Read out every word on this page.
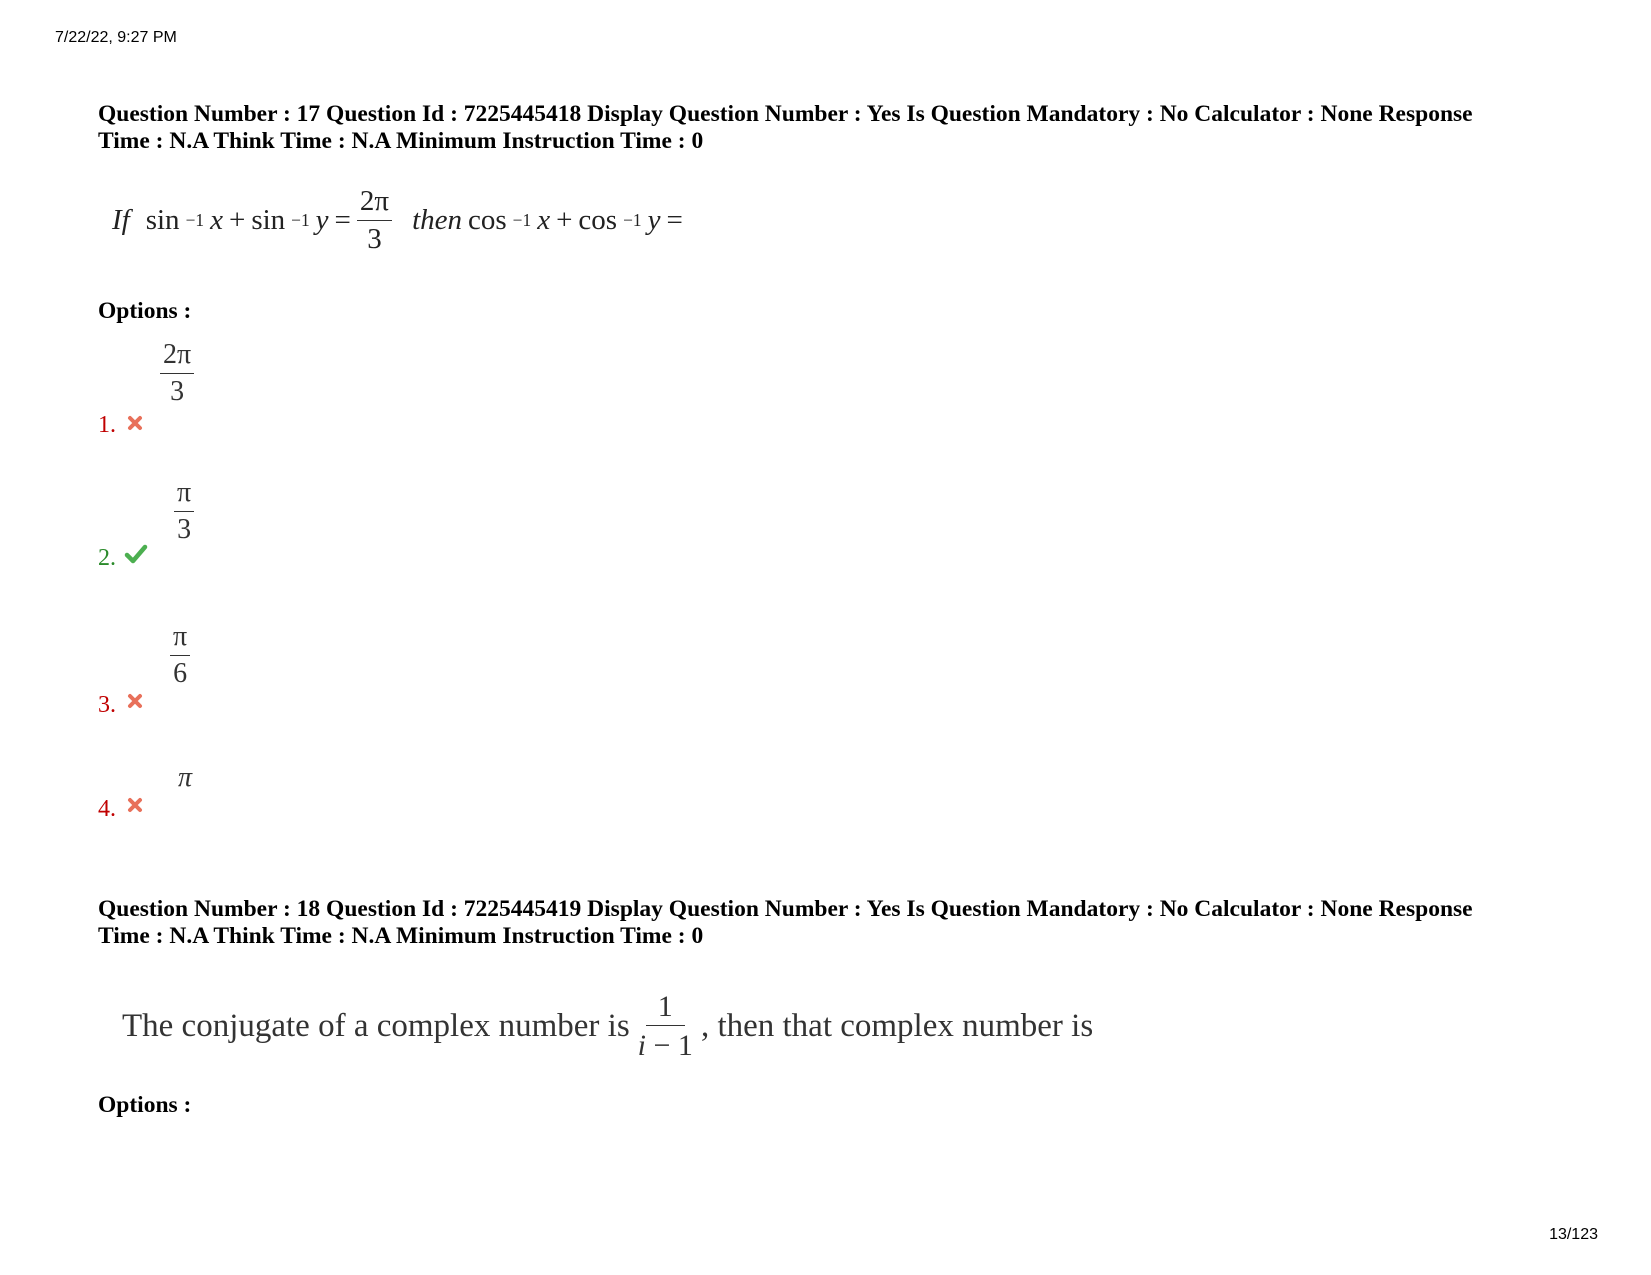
7/22/22, 9:27 PM
Question Number : 17 Question Id : 7225445418 Display Question Number : Yes Is Question Mandatory : No Calculator : None Response
Time : N.A Think Time : N.A Minimum Instruction Time : 0
If sin −1 x + sin −1 $y = \frac{2\pi}{3}$ then cos −1 x + cos −1 y =
Options :
1.
$\frac{2\pi}{3}$
2.
$\frac{\pi}{3}$
3.
$\frac{\pi}{6}$
4.
π
Question Number : 18 Question Id : 7225445419 Display Question Number : Yes Is Question Mandatory : No Calculator : None Response
Time : N.A Think Time : N.A Minimum Instruction Time : 0
The conjugate of a complex number is $\frac{1}{i - 1}$ , then that complex number is
Options :
13/123
